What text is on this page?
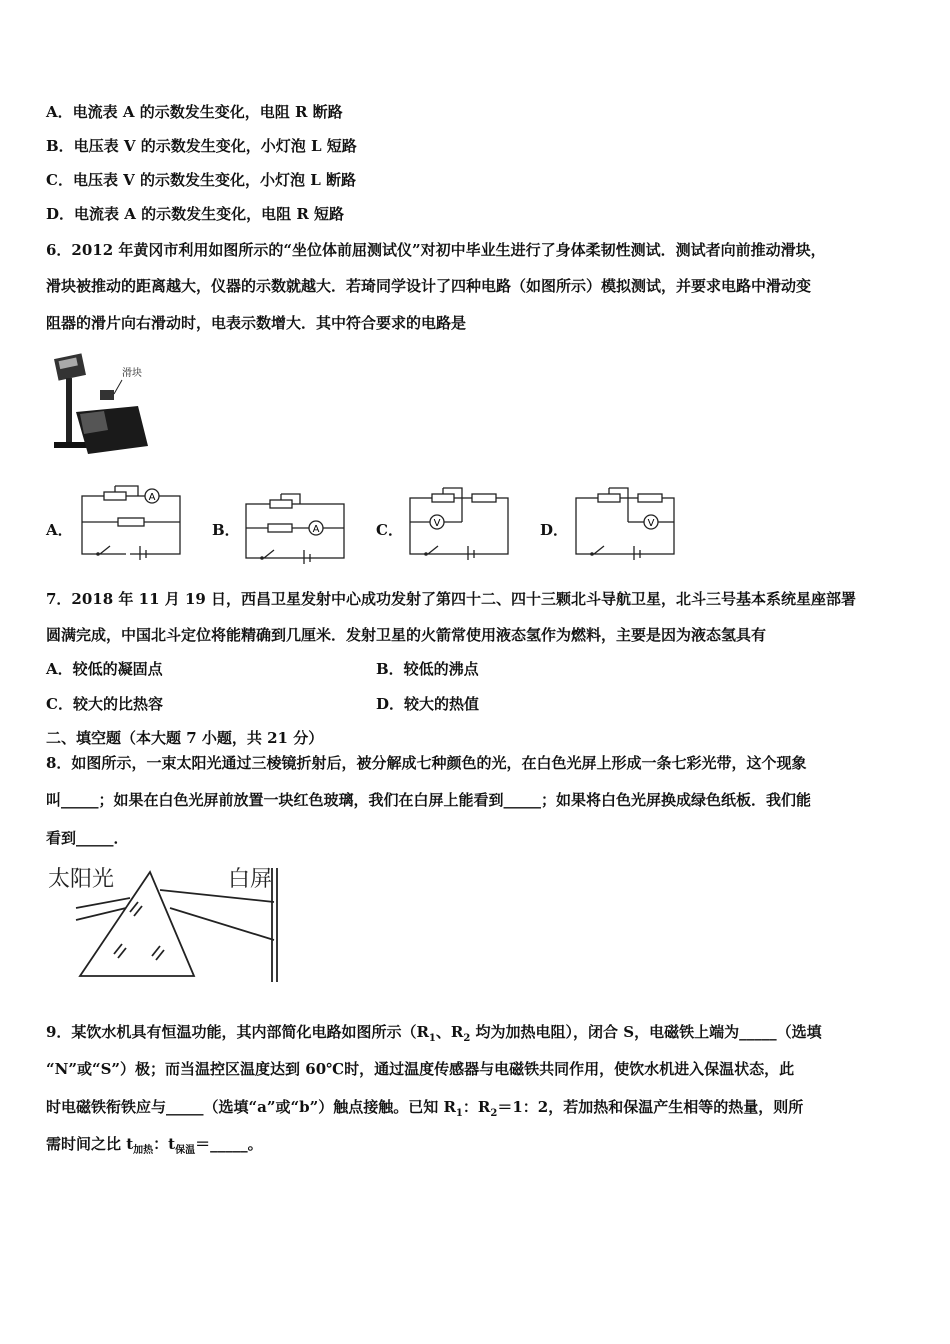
A．电流表 A 的示数发生变化，电阻 R 断路
B．电压表 V 的示数发生变化，小灯泡 L 短路
C．电压表 V 的示数发生变化，小灯泡 L 断路
D．电流表 A 的示数发生变化，电阻 R 短路
6．2012 年黄冈市利用如图所示的“坐位体前屈测试仪”对初中毕业生进行了身体柔韧性测试．测试者向前推动滑块，
滑块被推动的距离越大，仪器的示数就越大．若琦同学设计了四种电路（如图所示）模拟测试，并要求电路中滑动变
阻器的滑片向右滑动时，电表示数增大．其中符合要求的电路是
滑块
A．	B．	C．	D．
A
A
V	V
7．2018 年 11 月 19 日，西昌卫星发射中心成功发射了第四十二、四十三颗北斗导航卫星，北斗三号基本系统星座部署
圆满完成，中国北斗定位将能精确到几厘米．发射卫星的火箭常使用液态氢作为燃料，主要是因为液态氢具有
A．较低的凝固点	B．较低的沸点
C．较大的比热容	D．较大的热值
二、填空题（本大题 7 小题，共 21 分）
8．如图所示，一束太阳光通过三棱镜折射后，被分解成七种颜色的光，在白色光屏上形成一条七彩光带，这个现象
叫_____；如果在白色光屏前放置一块红色玻璃，我们在白屏上能看到_____；如果将白色光屏换成绿色纸板．我们能
看到_____．
太阳光	白屏
9．某饮水机具有恒温功能，其内部简化电路如图所示（$R_1$、$R_2$ 均为加热电阻），闭合 S，电磁铁上端为_____（选填
“N”或“S”）极；而当温控区温度达到 60℃时，通过温度传感器与电磁铁共同作用，使饮水机进入保温状态，此
时电磁铁衔铁应与_____（选填“a”或“b”）触点接触。已知 $R_1$：$R_2=1$：2，若加热和保温产生相等的热量，则所
需时间之比 $t_{加热}$：$t_{保温}=\_\_\_\_\_$。
